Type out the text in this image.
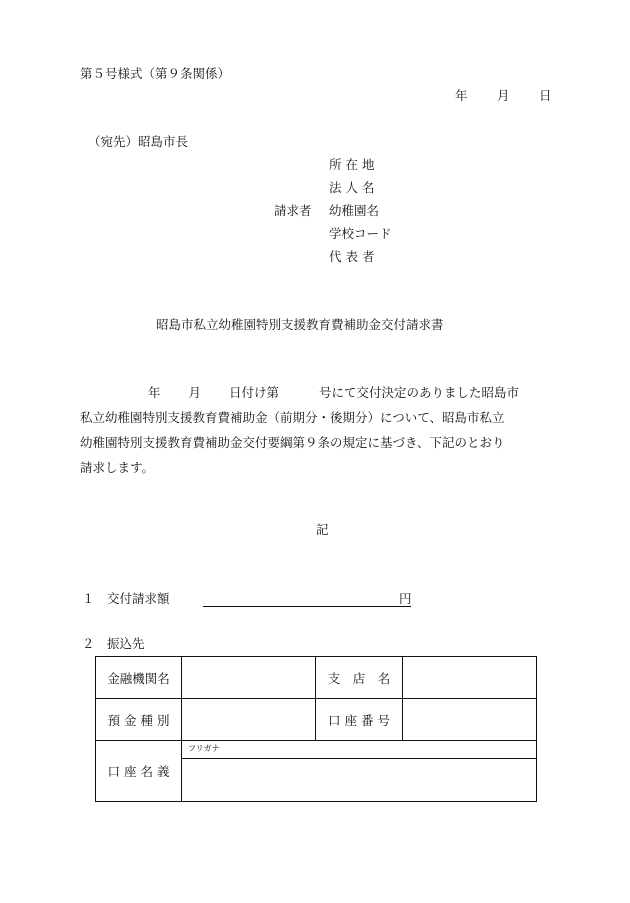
第５号様式（第９条関係）
年 月 日
（宛先）昭島市長
所 在 地
法 人 名
請求者 幼稚園名
学校コード
代 表 者
昭島市私立幼稚園特別支援教育費補助金交付請求書
年 月 日付け第	号にて交付決定のありました昭島市
私立幼稚園特別支援教育費補助金（前期分・後期分）について、昭島市私立
幼稚園特別支援教育費補助金交付要綱第９条の規定に基づき、下記のとおり
請求します。
記
１ 交付請求額	円
２ 振込先
金融機関名		支　店　名	
預 金 種 別		口 座 番 号	
口 座 名 義	フリガナ		
